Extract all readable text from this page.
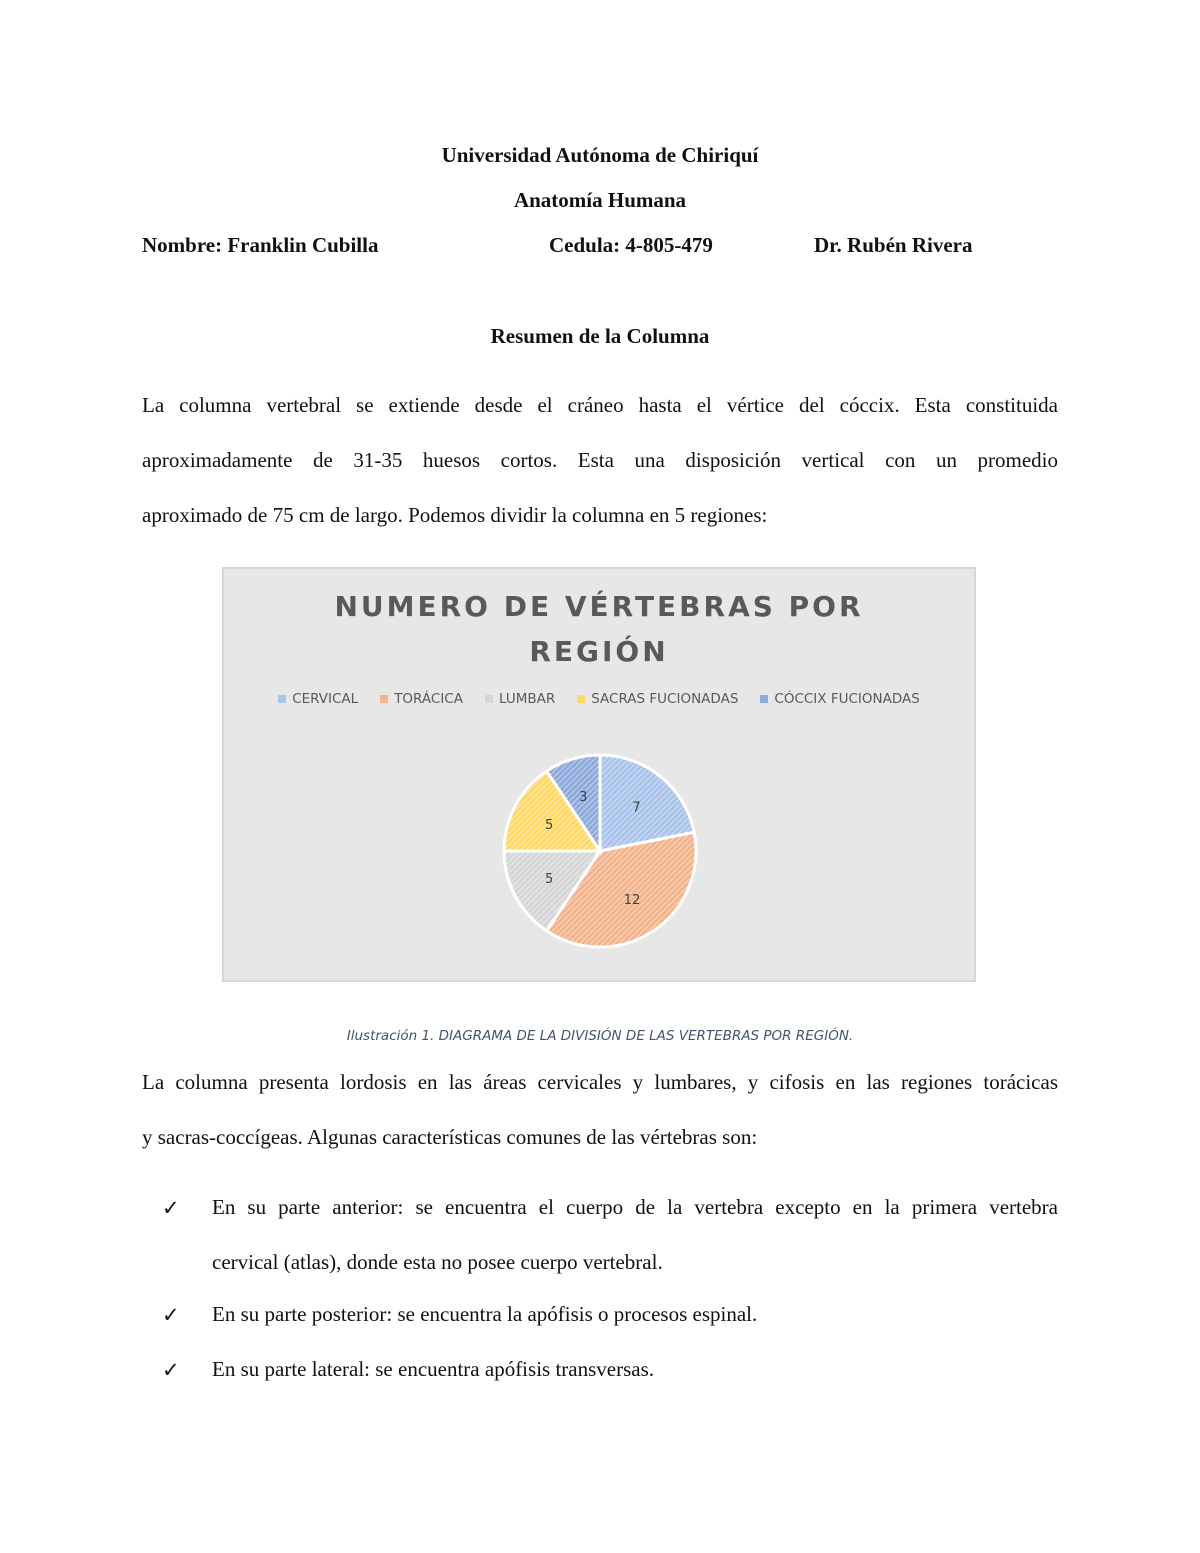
Universidad Autónoma de Chiriquí
Anatomía Humana
Nombre: Franklin Cubilla	Cedula: 4-805-479	Dr. Rubén Rivera
Resumen de la Columna
La columna vertebral se extiende desde el cráneo hasta el vértice del cóccix. Esta constituida
aproximadamente de 31-35 huesos cortos. Esta una disposición vertical con un promedio
aproximado de 75 cm de largo. Podemos dividir la columna en 5 regiones:
NUMERO DE VÉRTEBRAS POR
REGIÓN
CERVICAL	TORÁCICA	LUMBAR	SACRAS FUCIONADAS	CÓCCIX FUCIONADAS
7
12
5
5
3
Ilustración 1. DIAGRAMA DE LA DIVISIÓN DE LAS VERTEBRAS POR REGIÓN.
La columna presenta lordosis en las áreas cervicales y lumbares, y cifosis en las regiones torácicas
y sacras-coccígeas. Algunas características comunes de las vértebras son:
✓ En su parte anterior: se encuentra el cuerpo de la vertebra excepto en la primera vertebra
cervical (atlas), donde esta no posee cuerpo vertebral.
✓ En su parte posterior: se encuentra la apófisis o procesos espinal.
✓ En su parte lateral: se encuentra apófisis transversas.
